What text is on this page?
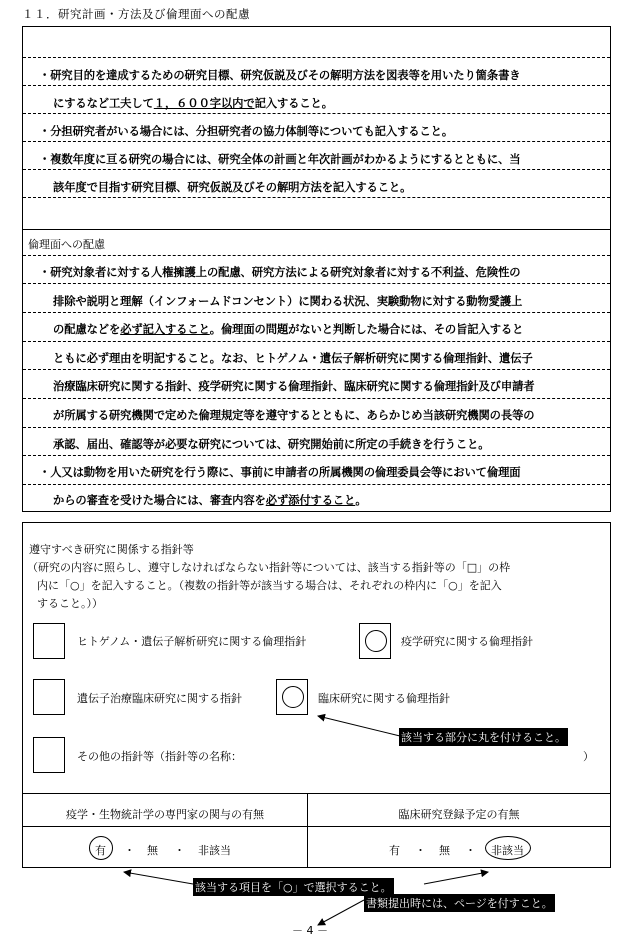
１１．研究計画・方法及び倫理面への配慮
・研究目的を達成するための研究目標、研究仮説及びその解明方法を図表等を用いたり箇条書き
にするなど工夫して１，６００字以内で記入すること。
・分担研究者がいる場合には、分担研究者の協力体制等についても記入すること。
・複数年度に亘る研究の場合には、研究全体の計画と年次計画がわかるようにするとともに、当
該年度で目指す研究目標、研究仮説及びその解明方法を記入すること。
倫理面への配慮
・研究対象者に対する人権擁護上の配慮、研究方法による研究対象者に対する不利益、危険性の
排除や説明と理解（インフォームドコンセント）に関わる状況、実験動物に対する動物愛護上
の配慮などを必ず記入すること。倫理面の問題がないと判断した場合には、その旨記入すると
ともに必ず理由を明記すること。なお、ヒトゲノム・遺伝子解析研究に関する倫理指針、遺伝子
治療臨床研究に関する指針、疫学研究に関する倫理指針、臨床研究に関する倫理指針及び申請者
が所属する研究機関で定めた倫理規定等を遵守するとともに、あらかじめ当該研究機関の長等の
承認、届出、確認等が必要な研究については、研究開始前に所定の手続きを行うこと。
・人又は動物を用いた研究を行う際に、事前に申請者の所属機関の倫理委員会等において倫理面
からの審査を受けた場合には、審査内容を必ず添付すること。
遵守すべき研究に関係する指針等
（研究の内容に照らし、遵守しなければならない指針等については、該当する指針等の「□」の枠
内に「○」を記入すること。（複数の指針等が該当する場合は、それぞれの枠内に「○」を記入
すること。））
ヒトゲノム・遺伝子解析研究に関する倫理指針	疫学研究に関する倫理指針
遺伝子治療臨床研究に関する指針	臨床研究に関する倫理指針
その他の指針等（指針等の名称：	）
該当する部分に丸を付けること。
疫学・生物統計学の専門家の関与の有無	臨床研究登録予定の有無
有 ・ 無 ・ 非該当	有 ・ 無 ・ 非該当
該当する項目を「○」で選択すること。
書類提出時には、ページを付すこと。
－ 4 －
